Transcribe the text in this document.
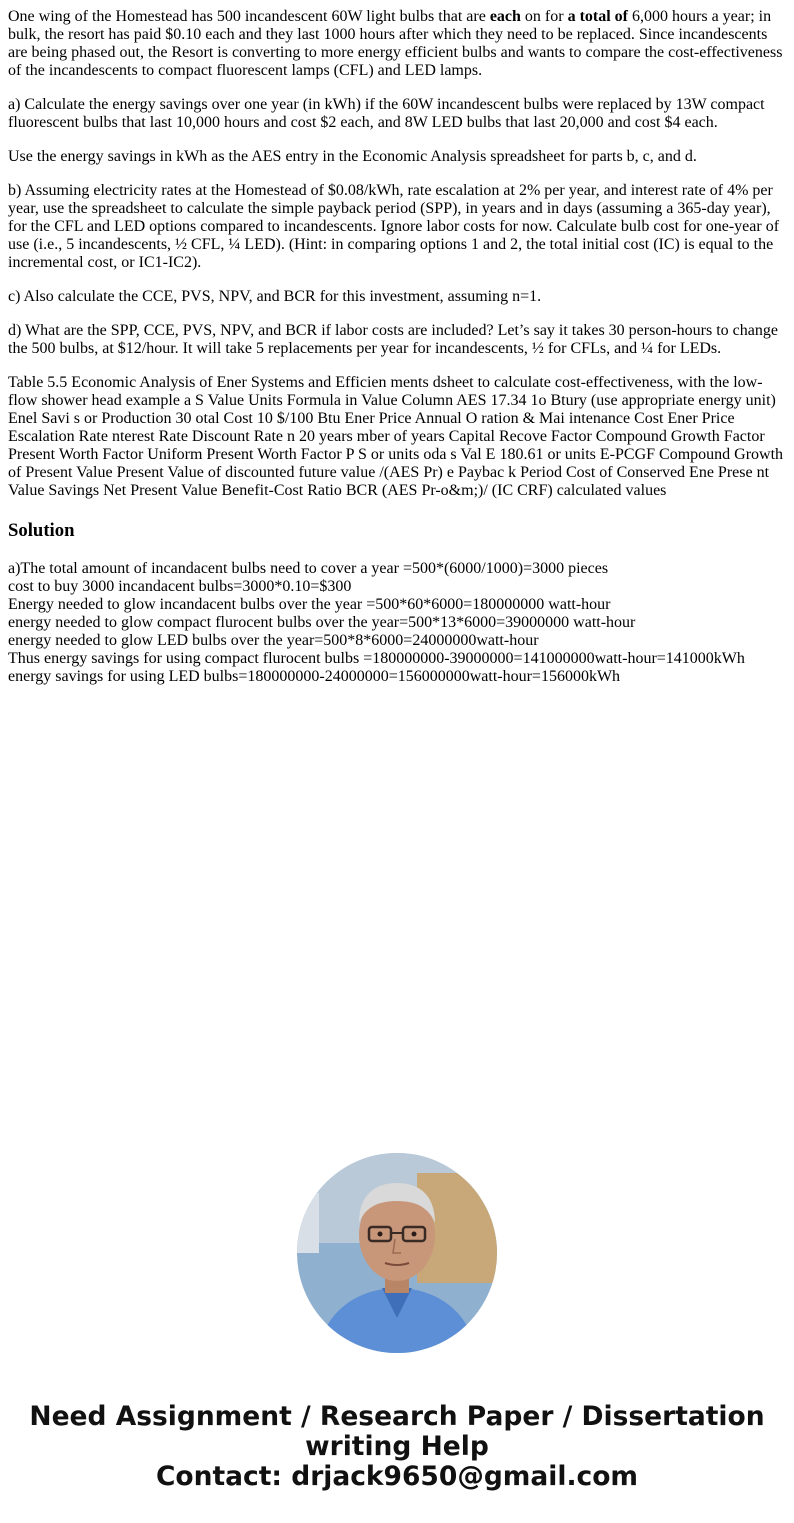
One wing of the Homestead has 500 incandescent 60W light bulbs that are each on for a total of 6,000 hours a year; in bulk, the resort has paid $0.10 each and they last 1000 hours after which they need to be replaced. Since incandescents are being phased out, the Resort is converting to more energy efficient bulbs and wants to compare the cost-effectiveness of the incandescents to compact fluorescent lamps (CFL) and LED lamps.

a) Calculate the energy savings over one year (in kWh) if the 60W incandescent bulbs were replaced by 13W compact fluorescent bulbs that last 10,000 hours and cost $2 each, and 8W LED bulbs that last 20,000 and cost $4 each.

Use the energy savings in kWh as the AES entry in the Economic Analysis spreadsheet for parts b, c, and d.

b) Assuming electricity rates at the Homestead of $0.08/kWh, rate escalation at 2% per year, and interest rate of 4% per year, use the spreadsheet to calculate the simple payback period (SPP), in years and in days (assuming a 365-day year), for the CFL and LED options compared to incandescents. Ignore labor costs for now. Calculate bulb cost for one-year of use (i.e., 5 incandescents, ½ CFL, ¼ LED). (Hint: in comparing options 1 and 2, the total initial cost (IC) is equal to the incremental cost, or IC1-IC2).

c) Also calculate the CCE, PVS, NPV, and BCR for this investment, assuming n=1.

d) What are the SPP, CCE, PVS, NPV, and BCR if labor costs are included? Let’s say it takes 30 person-hours to change the 500 bulbs, at $12/hour. It will take 5 replacements per year for incandescents, ½ for CFLs, and ¼ for LEDs.

Table 5.5 Economic Analysis of Ener Systems and Efficien ments dsheet to calculate cost-effectiveness, with the low-flow shower head example a S Value Units Formula in Value Column AES 17.34 1o Btury (use appropriate energy unit) Enel Savi s or Production 30 otal Cost 10 $/100 Btu Ener Price Annual O ration & Mai intenance Cost Ener Price Escalation Rate nterest Rate Discount Rate n 20 years mber of years Capital Recove Factor Compound Growth Factor Present Worth Factor Uniform Present Worth Factor P S or units oda s Val E 180.61 or units E-PCGF Compound Growth of Present Value Present Value of discounted future value /(AES Pr) e Paybac k Period Cost of Conserved Ene Prese nt Value Savings Net Present Value Benefit-Cost Ratio BCR (AES Pr-o&m;)/ (IC CRF) calculated values

Solution
a)The total amount of incandacent bulbs need to cover a year =500*(6000/1000)=3000 pieces
cost to buy 3000 incandacent bulbs=3000*0.10=$300
Energy needed to glow incandacent bulbs over the year =500*60*6000=180000000 watt-hour
energy needed to glow compact flurocent bulbs over the year=500*13*6000=39000000 watt-hour
energy needed to glow LED bulbs over the year=500*8*6000=24000000watt-hour
Thus energy savings for using compact flurocent bulbs =180000000-39000000=141000000watt-hour=141000kWh
energy savings for using LED bulbs=180000000-24000000=156000000watt-hour=156000kWh
Need Assignment / Research Paper / Dissertation
writing Help
Contact: drjack9650@gmail.com
